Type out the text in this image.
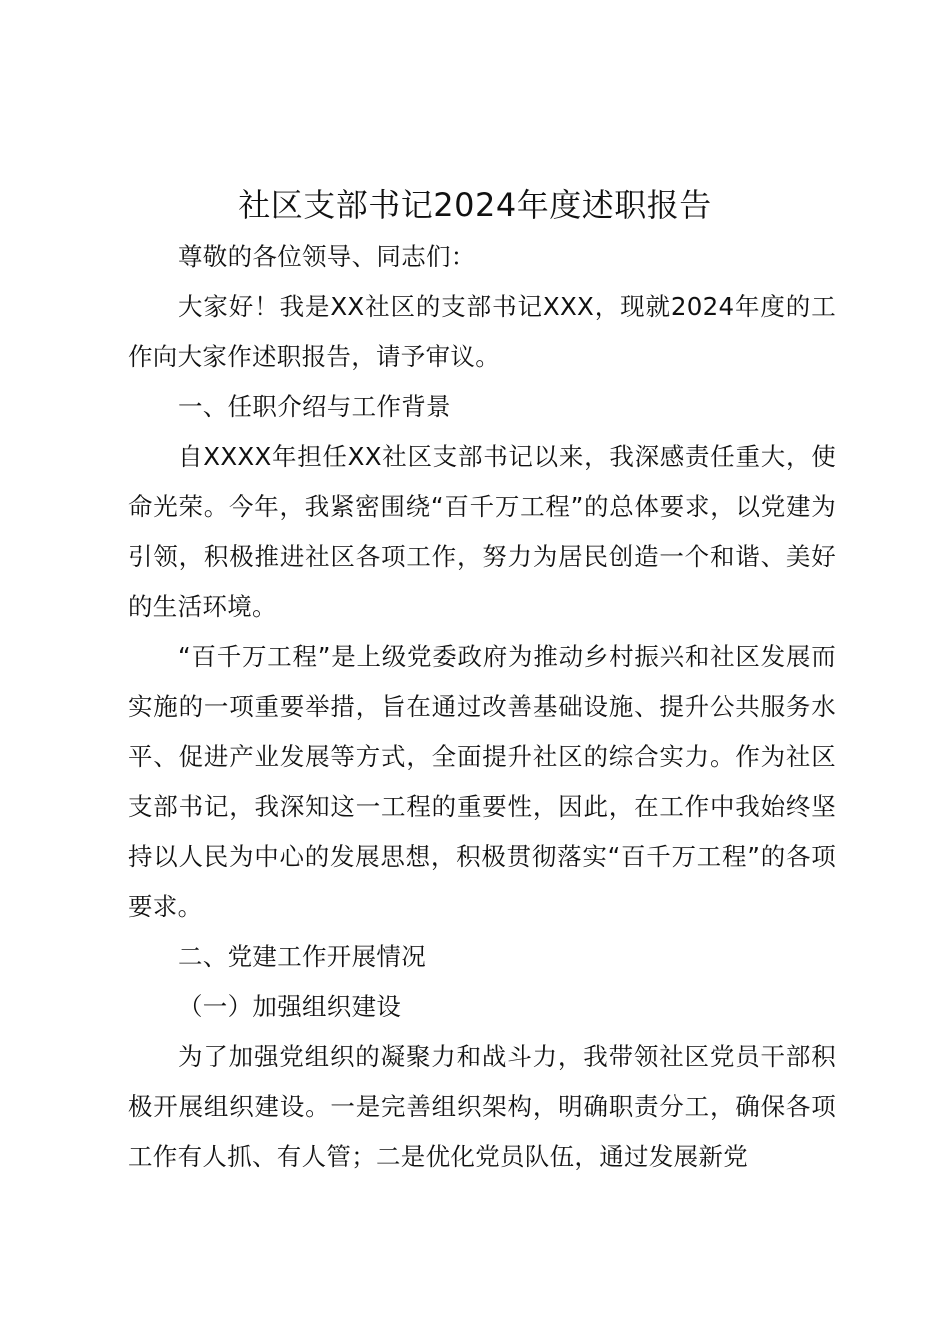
社区支部书记2024年度述职报告

尊敬的各位领导、同志们：

大家好！我是XX社区的支部书记XXX，现就2024年度的工作向大家作述职报告，请予审议。

一、任职介绍与工作背景

自XXXX年担任XX社区支部书记以来，我深感责任重大，使命光荣。今年，我紧密围绕“百千万工程”的总体要求，以党建为引领，积极推进社区各项工作，努力为居民创造一个和谐、美好的生活环境。

“百千万工程”是上级党委政府为推动乡村振兴和社区发展而实施的一项重要举措，旨在通过改善基础设施、提升公共服务水平、促进产业发展等方式，全面提升社区的综合实力。作为社区支部书记，我深知这一工程的重要性，因此，在工作中我始终坚持以人民为中心的发展思想，积极贯彻落实“百千万工程”的各项要求。

二、党建工作开展情况

（一）加强组织建设

为了加强党组织的凝聚力和战斗力，我带领社区党员干部积极开展组织建设。一是完善组织架构，明确职责分工，确保各项工作有人抓、有人管；二是优化党员队伍，通过发展新党
